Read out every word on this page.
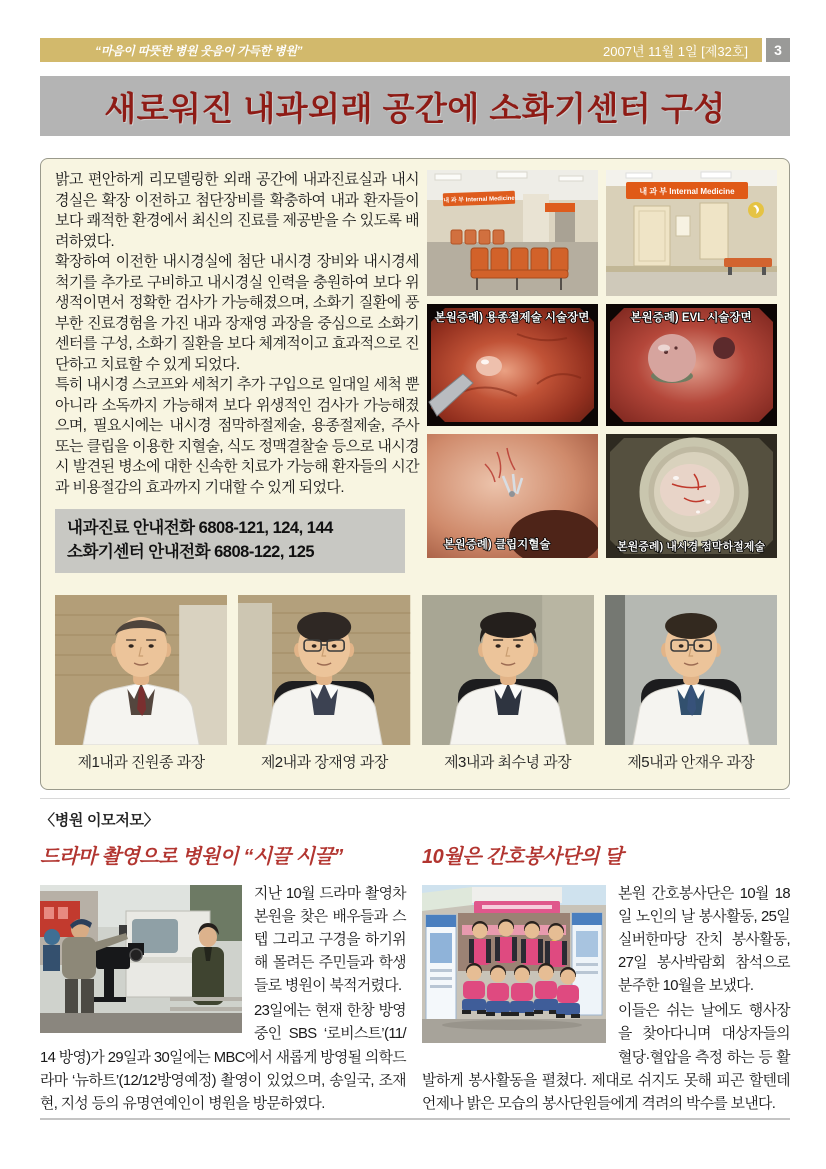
“마음이 따뜻한 병원 웃음이 가득한 병원”	2007년 11월 1일 [제32호]	3
새로워진 내과외래 공간에 소화기센터 구성

밝고 편안하게 리모델링한 외래 공간에 내과진료실과 내시경실은 확장 이전하고 첨단장비를 확충하여 내과 환자들이 보다 쾌적한 환경에서 최신의 진료를 제공받을 수 있도록 배려하였다.

확장하여 이전한 내시경실에 첨단 내시경 장비와 내시경세척기를 추가로 구비하고 내시경실 인력을 충원하여 보다 위생적이면서 정확한 검사가 가능해졌으며, 소화기 질환에 풍부한 진료경험을 가진 내과 장재영 과장을 중심으로 소화기 센터를 구성, 소화기 질환을 보다 체계적이고 효과적으로 진단하고 치료할 수 있게 되었다.

특히 내시경 스코프와 세척기 추가 구입으로 일대일 세척 뿐 아니라 소독까지 가능해져 보다 위생적인 검사가 가능해졌으며, 필요시에는 내시경 점막하절제술, 용종절제술, 주사 또는 클립을 이용한 지혈술, 식도 정맥결찰술 등으로 내시경시 발견된 병소에 대한 신속한 치료가 가능해 환자들의 시간과 비용절감의 효과까지 기대할 수 있게 되었다.

내과진료 안내전화 6808-121, 124, 144
소화기센터 안내전화 6808-122, 125
내 과 부 Internal Medicine
내 과 부 Internal Medicine
본원증례) 용종절제술 시술장면	본원증례) EVL 시술장면
본원증례) 클립지혈술	본원증례) 내시경 점막하절제술
제1내과 진원종 과장	제2내과 장재영 과장	제3내과 최수녕 과장	제5내과 안재우 과장
〈병원 이모저모〉
드라마 촬영으로 병원이 “시끌 시끌”

지난 10월 드라마 촬영차 본원을 찾은 배우들과 스텝 그리고 구경을 하기위해 몰려든 주민들과 학생들로 병원이 북적거렸다.

23일에는 현재 한창 방영중인 SBS ‘로비스트’(11/ 14 방영)가 29일과 30일에는 MBC에서 새롭게 방영될 의학드라마 ‘뉴하트’(12/12방영예정) 촬영이 있었으며, 송일국, 조재현, 지성 등의 유명연예인이 병원을 방문하였다.

10월은 간호봉사단의 달

본원 간호봉사단은 10월 18일 노인의 날 봉사활동, 25일 실버한마당 잔치 봉사활동, 27일 봉사박람회 참석으로 분주한 10월을 보냈다.

이들은 쉬는 날에도 행사장을 찾아다니며 대상자들의 혈당·혈압을 측정 하는 등 활발하게 봉사활동을 펼쳤다. 제대로 쉬지도 못해 피곤 할텐데 언제나 밝은 모습의 봉사단원들에게 격려의 박수를 보낸다.
